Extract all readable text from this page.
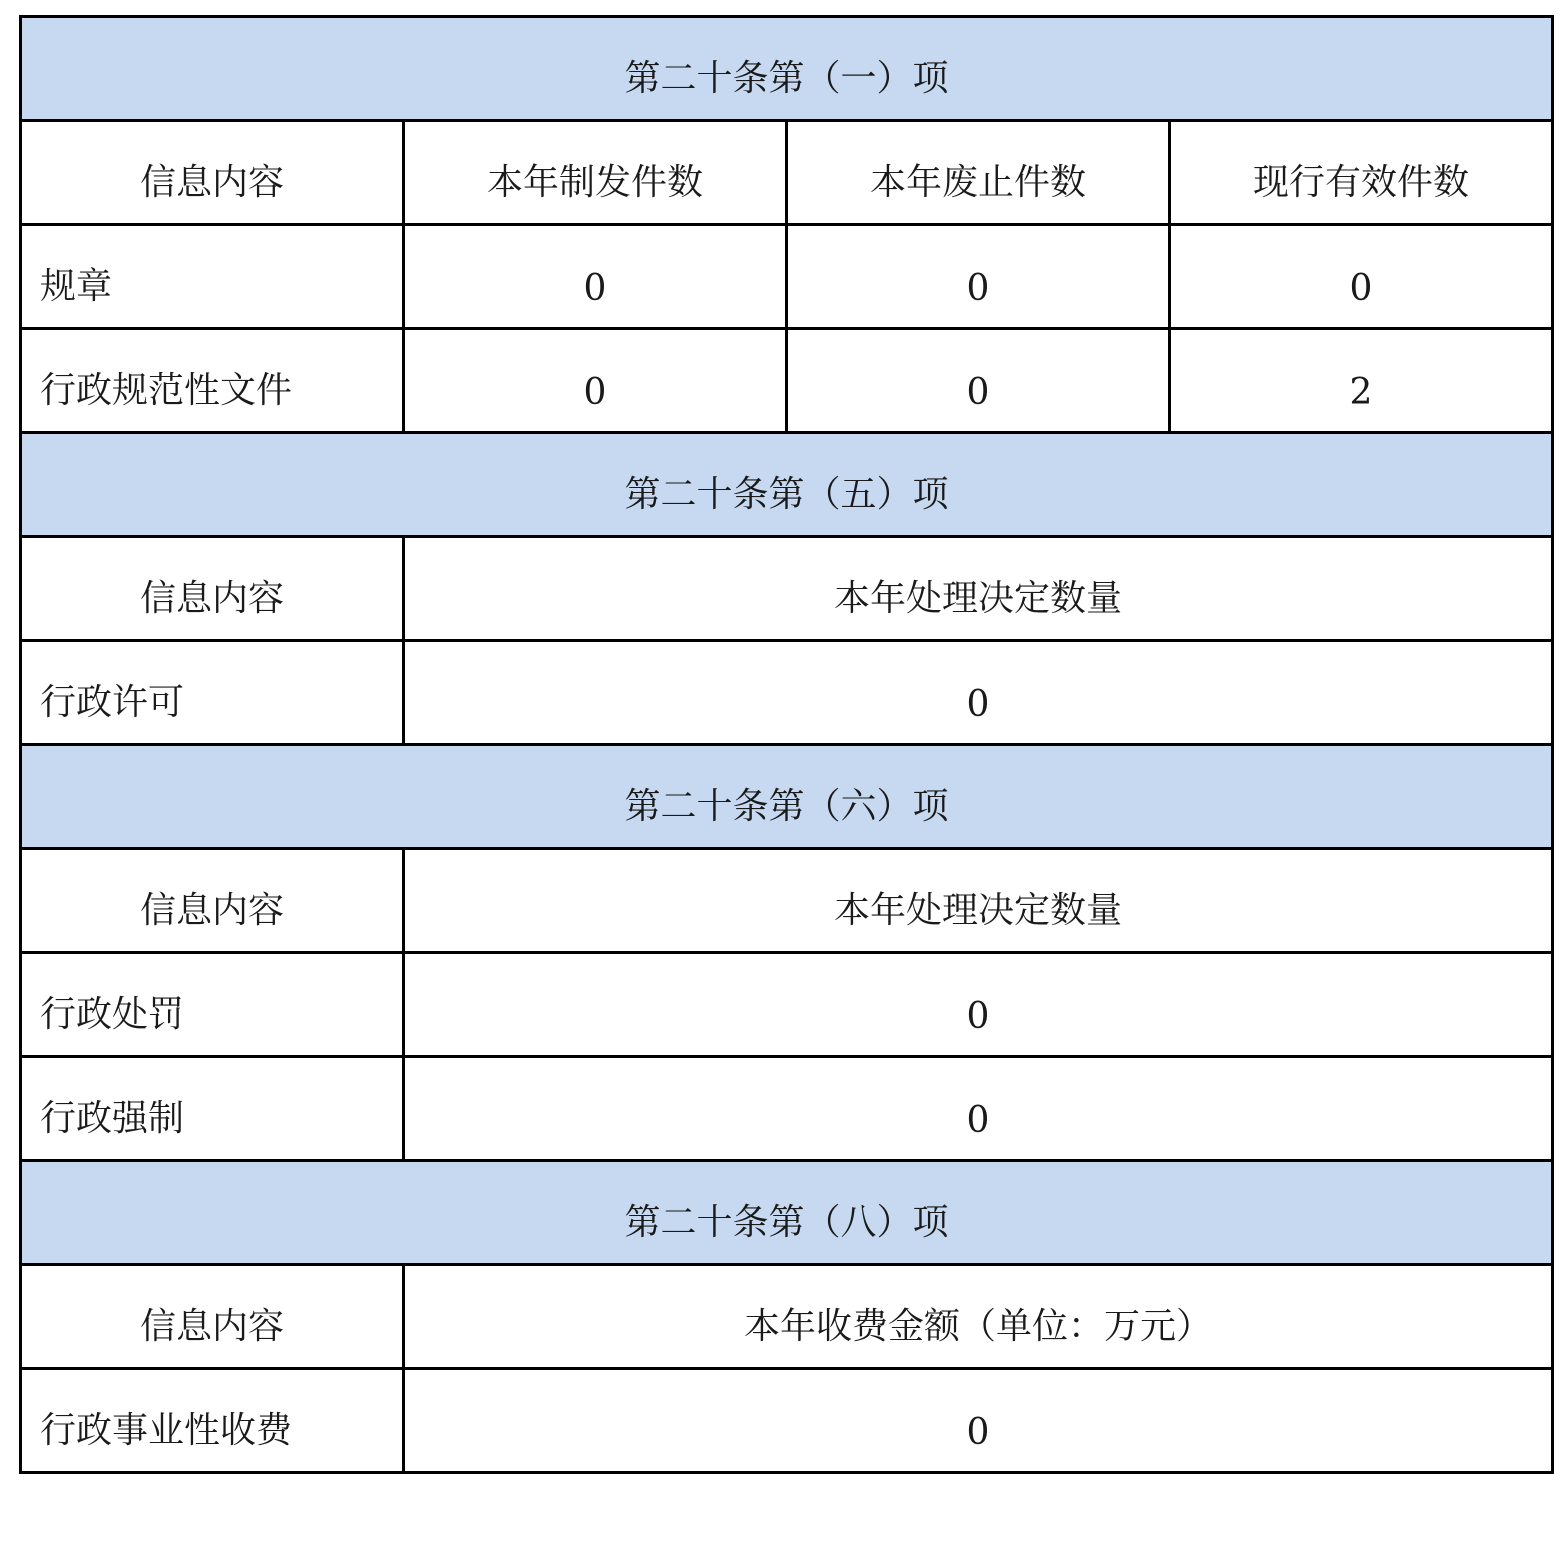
第二十条第（一）项			

信息内容	本年制发件数	本年废止件数	现行有效件数

规章	0	0	0

行政规范性文件	0	0	2

第二十条第（五）项			

信息内容	本年处理决定数量		

行政许可	0		

第二十条第（六）项			

信息内容	本年处理决定数量		

行政处罚	0		

行政强制	0		

第二十条第（八）项			

信息内容	本年收费金额（单位：万元）		

行政事业性收费	0		
